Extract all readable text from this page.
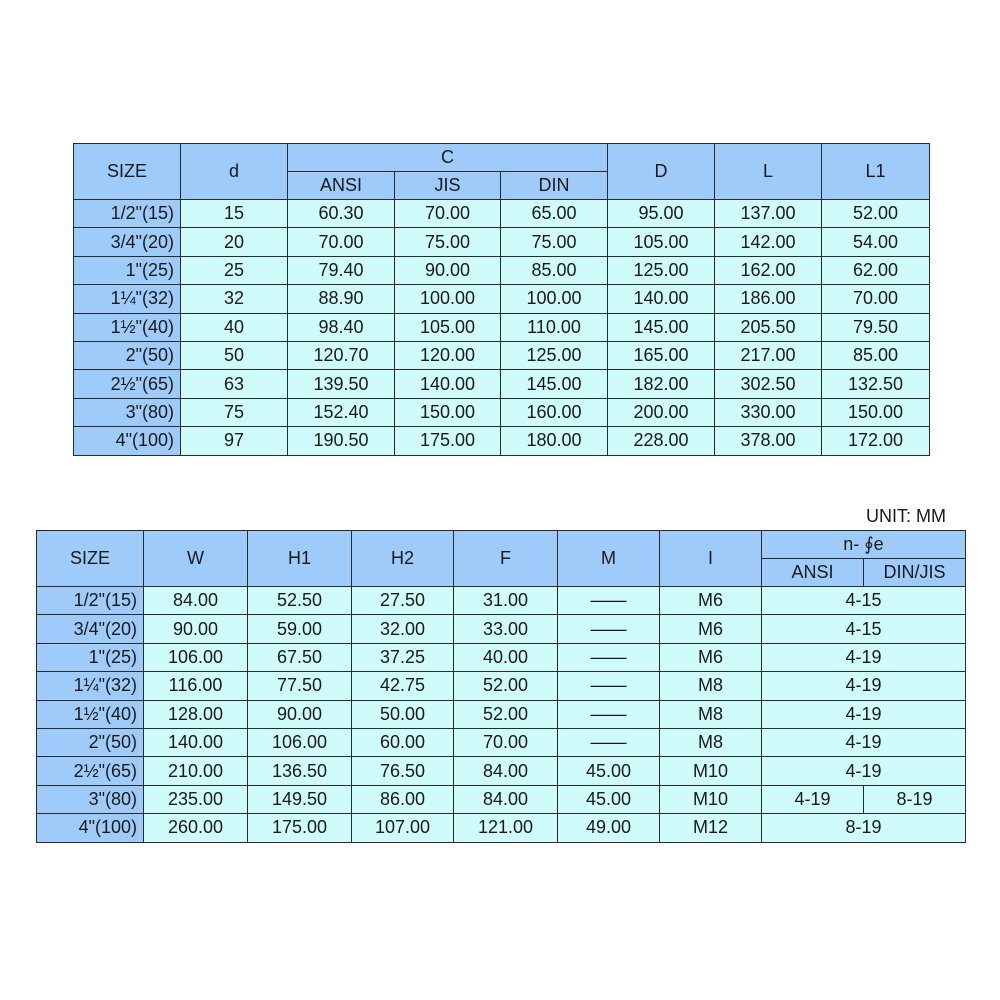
SIZE	d	C			D	L	L1
		ANSI	JIS	DIN			
1/2"(15)	15	60.30	70.00	65.00	95.00	137.00	52.00
3/4"(20)	20	70.00	75.00	75.00	105.00	142.00	54.00
1"(25)	25	79.40	90.00	85.00	125.00	162.00	62.00
1¼"(32)	32	88.90	100.00	100.00	140.00	186.00	70.00
1½"(40)	40	98.40	105.00	110.00	145.00	205.50	79.50
2"(50)	50	120.70	120.00	125.00	165.00	217.00	85.00
2½"(65)	63	139.50	140.00	145.00	182.00	302.50	132.50
3"(80)	75	152.40	150.00	160.00	200.00	330.00	150.00
4"(100)	97	190.50	175.00	180.00	228.00	378.00	172.00
UNIT: MM
SIZE	W	H1	H2	F	M	I	n- ∮e	
							ANSI	DIN/JIS
1/2"(15)	84.00	52.50	27.50	31.00	——	M6	4-15	
3/4"(20)	90.00	59.00	32.00	33.00	——	M6	4-15	
1"(25)	106.00	67.50	37.25	40.00	——	M6	4-19	
1¼"(32)	116.00	77.50	42.75	52.00	——	M8	4-19	
1½"(40)	128.00	90.00	50.00	52.00	——	M8	4-19	
2"(50)	140.00	106.00	60.00	70.00	——	M8	4-19	
2½"(65)	210.00	136.50	76.50	84.00	45.00	M10	4-19	
3"(80)	235.00	149.50	86.00	84.00	45.00	M10	4-19	8-19
4"(100)	260.00	175.00	107.00	121.00	49.00	M12	8-19	
